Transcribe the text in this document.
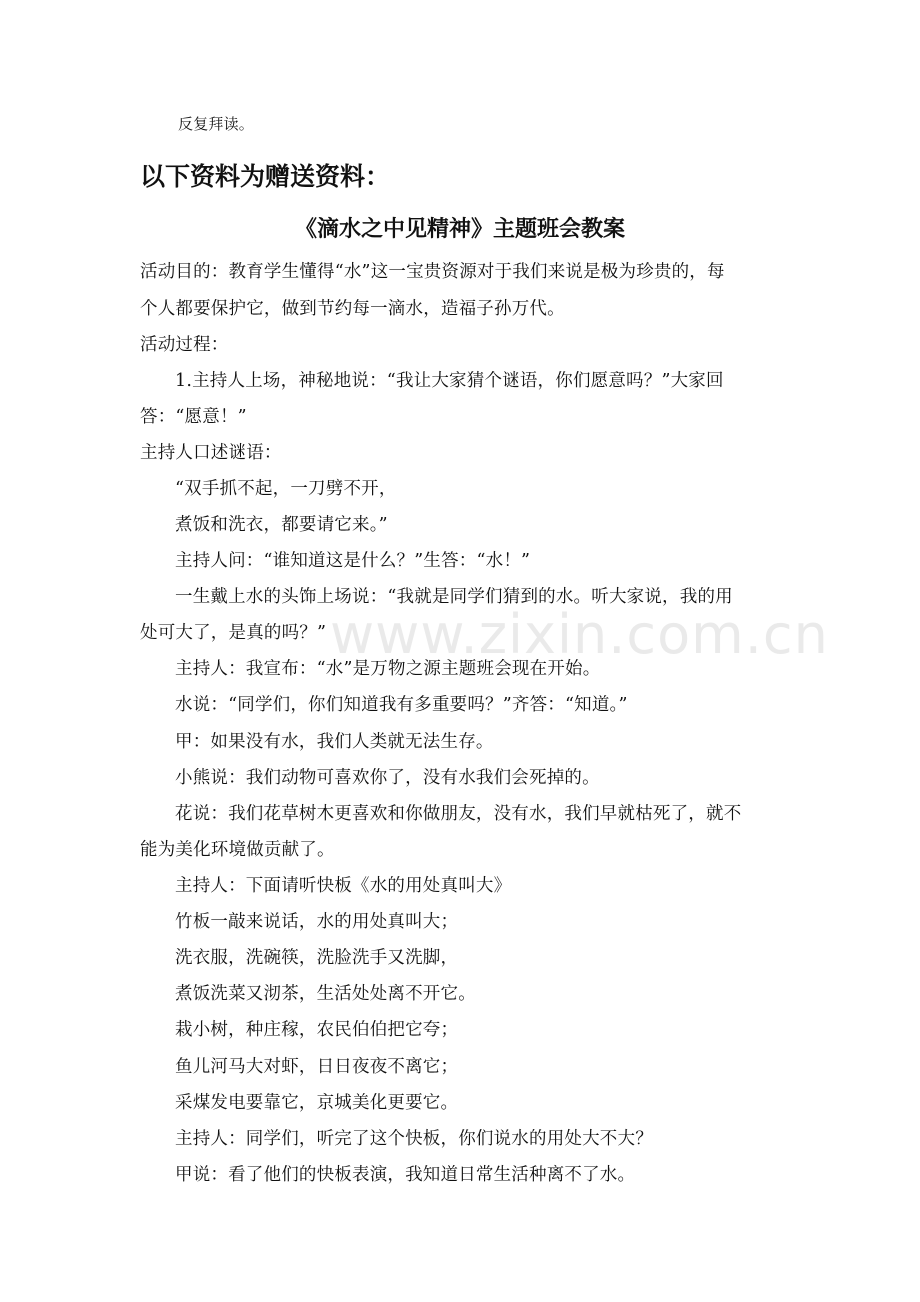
反复拜读。
以下资料为赠送资料：
《滴水之中见精神》主题班会教案
www.zixin.com.cn
活动目的：教育学生懂得“水”这一宝贵资源对于我们来说是极为珍贵的，每
个人都要保护它，做到节约每一滴水，造福子孙万代。
活动过程：
1.主持人上场，神秘地说：“我让大家猜个谜语，你们愿意吗？”大家回
答：“愿意！”
主持人口述谜语：
“双手抓不起，一刀劈不开，
煮饭和洗衣，都要请它来。”
主持人问：“谁知道这是什么？”生答：“水！”
一生戴上水的头饰上场说：“我就是同学们猜到的水。听大家说，我的用
处可大了，是真的吗？”
主持人：我宣布：“水”是万物之源主题班会现在开始。
水说：“同学们，你们知道我有多重要吗？”齐答：“知道。”
甲：如果没有水，我们人类就无法生存。
小熊说：我们动物可喜欢你了，没有水我们会死掉的。
花说：我们花草树木更喜欢和你做朋友，没有水，我们早就枯死了，就不
能为美化环境做贡献了。
主持人：下面请听快板《水的用处真叫大》
竹板一敲来说话，水的用处真叫大；
洗衣服，洗碗筷，洗脸洗手又洗脚，
煮饭洗菜又沏茶，生活处处离不开它。
栽小树，种庄稼，农民伯伯把它夸；
鱼儿河马大对虾，日日夜夜不离它；
采煤发电要靠它，京城美化更要它。
主持人：同学们，听完了这个快板，你们说水的用处大不大？
甲说：看了他们的快板表演，我知道日常生活种离不了水。
